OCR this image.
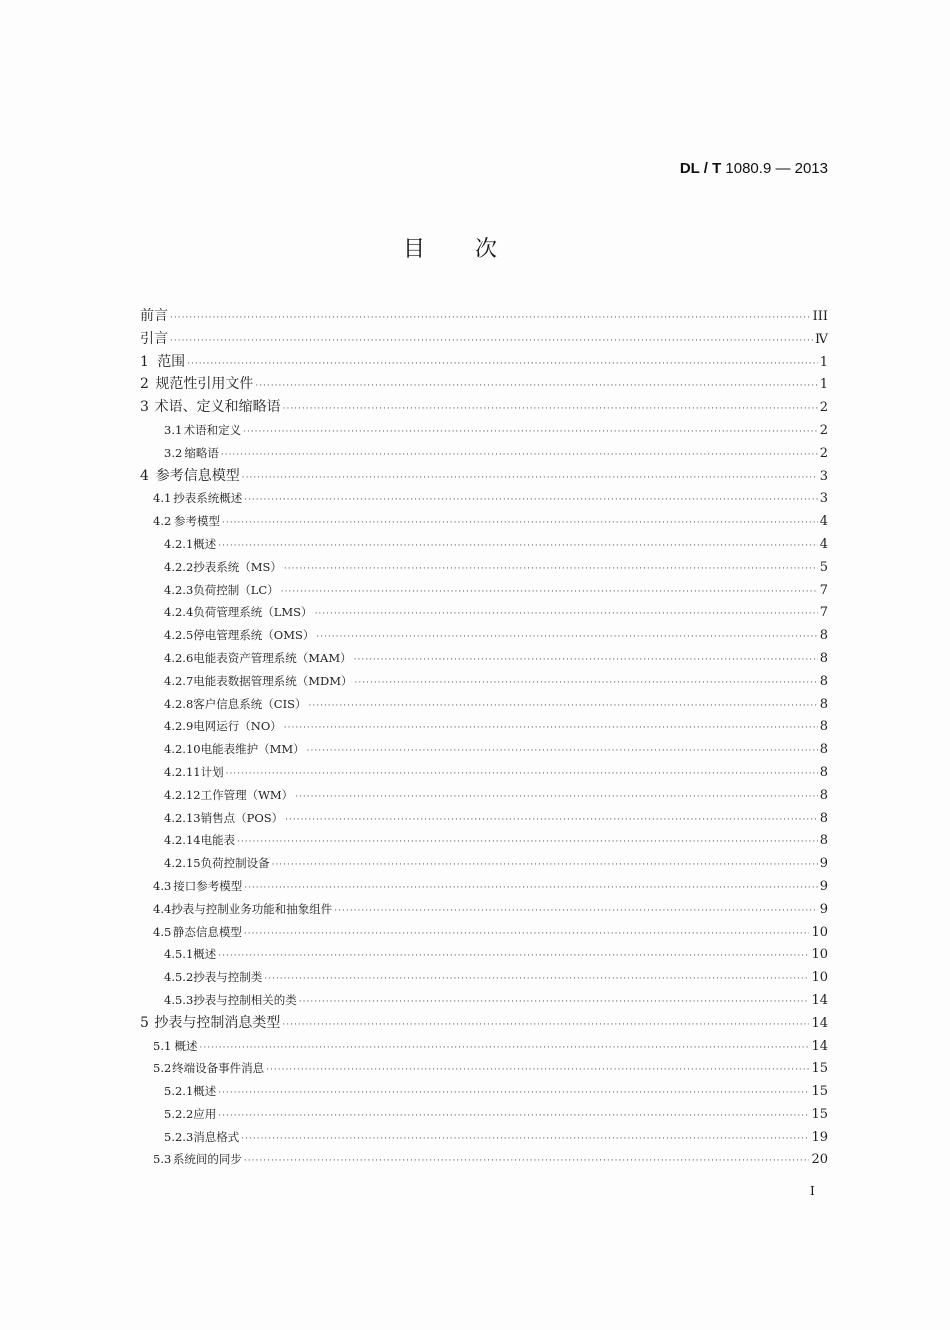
DL / T 1080.9 — 2013
目次
前言 ·····	III
引言 ·····	Ⅳ
1 范围 ·····	1
2 规范性引用文件 ·····	1
3 术语、定义和缩略语 ·····	2
3.1 术语和定义 ·····	2
3.2 缩略语 ·····	2
4 参考信息模型 ·····	3
4.1 抄表系统概述 ·····	3
4.2 参考模型 ·····	4
4.2.1 概述 ·····	4
4.2.2 抄表系统（MS） ·····	5
4.2.3 负荷控制（LC） ·····	7
4.2.4 负荷管理系统（LMS） ·····	7
4.2.5 停电管理系统（OMS） ·····	8
4.2.6 电能表资产管理系统（MAM） ·····	8
4.2.7 电能表数据管理系统（MDM） ·····	8
4.2.8 客户信息系统（CIS） ·····	8
4.2.9 电网运行（NO） ·····	8
4.2.10 电能表维护（MM） ·····	8
4.2.11 计划 ·····	8
4.2.12 工作管理（WM） ·····	8
4.2.13 销售点（POS） ·····	8
4.2.14 电能表 ·····	8
4.2.15 负荷控制设备 ·····	9
4.3 接口参考模型 ·····	9
4.4 抄表与控制业务功能和抽象组件 ·····	9
4.5 静态信息模型 ·····	10
4.5.1 概述 ·····	10
4.5.2 抄表与控制类 ·····	10
4.5.3 抄表与控制相关的类 ·····	14
5 抄表与控制消息类型 ·····	14
5.1 概述 ·····	14
5.2 终端设备事件消息 ·····	15
5.2.1 概述 ·····	15
5.2.2 应用 ·····	15
5.2.3 消息格式 ·····	19
5.3 系统间的同步 ·····	20
I
